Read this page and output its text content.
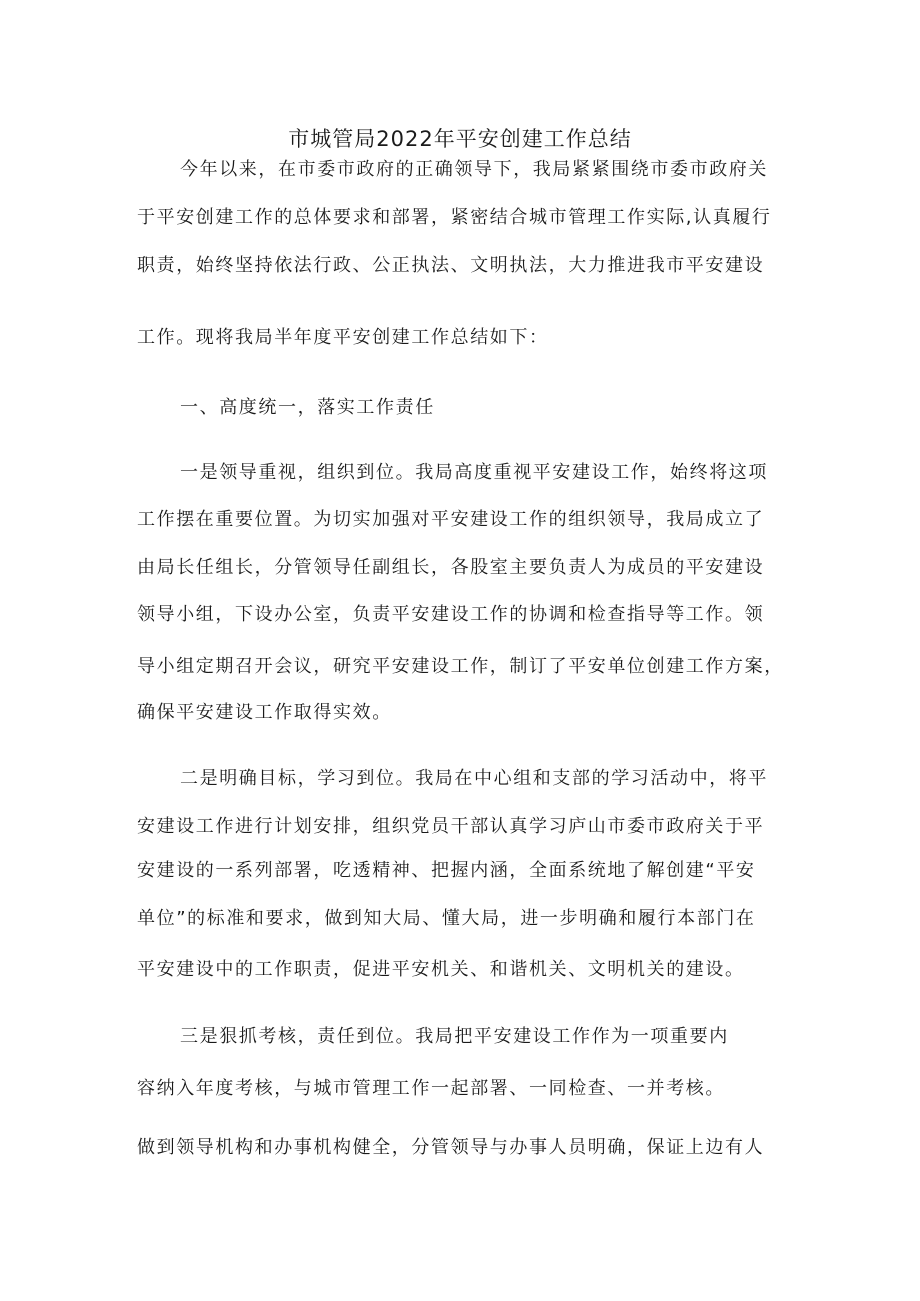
市城管局2022年平安创建工作总结
今年以来，在市委市政府的正确领导下，我局紧紧围绕市委市政府关
于平安创建工作的总体要求和部署，紧密结合城市管理工作实际,认真履行
职责，始终坚持依法行政、公正执法、文明执法，大力推进我市平安建设
工作。现将我局半年度平安创建工作总结如下：
一、高度统一，落实工作责任
一是领导重视，组织到位。我局高度重视平安建设工作，始终将这项
工作摆在重要位置。为切实加强对平安建设工作的组织领导，我局成立了
由局长任组长，分管领导任副组长，各股室主要负责人为成员的平安建设
领导小组，下设办公室，负责平安建设工作的协调和检查指导等工作。领
导小组定期召开会议，研究平安建设工作，制订了平安单位创建工作方案，
确保平安建设工作取得实效。
二是明确目标，学习到位。我局在中心组和支部的学习活动中，将平
安建设工作进行计划安排，组织党员干部认真学习庐山市委市政府关于平
安建设的一系列部署，吃透精神、把握内涵，全面系统地了解创建“平安
单位”的标准和要求，做到知大局、懂大局，进一步明确和履行本部门在
平安建设中的工作职责，促进平安机关、和谐机关、文明机关的建设。
三是狠抓考核，责任到位。我局把平安建设工作作为一项重要内
容纳入年度考核，与城市管理工作一起部署、一同检查、一并考核。
做到领导机构和办事机构健全，分管领导与办事人员明确，保证上边有人
